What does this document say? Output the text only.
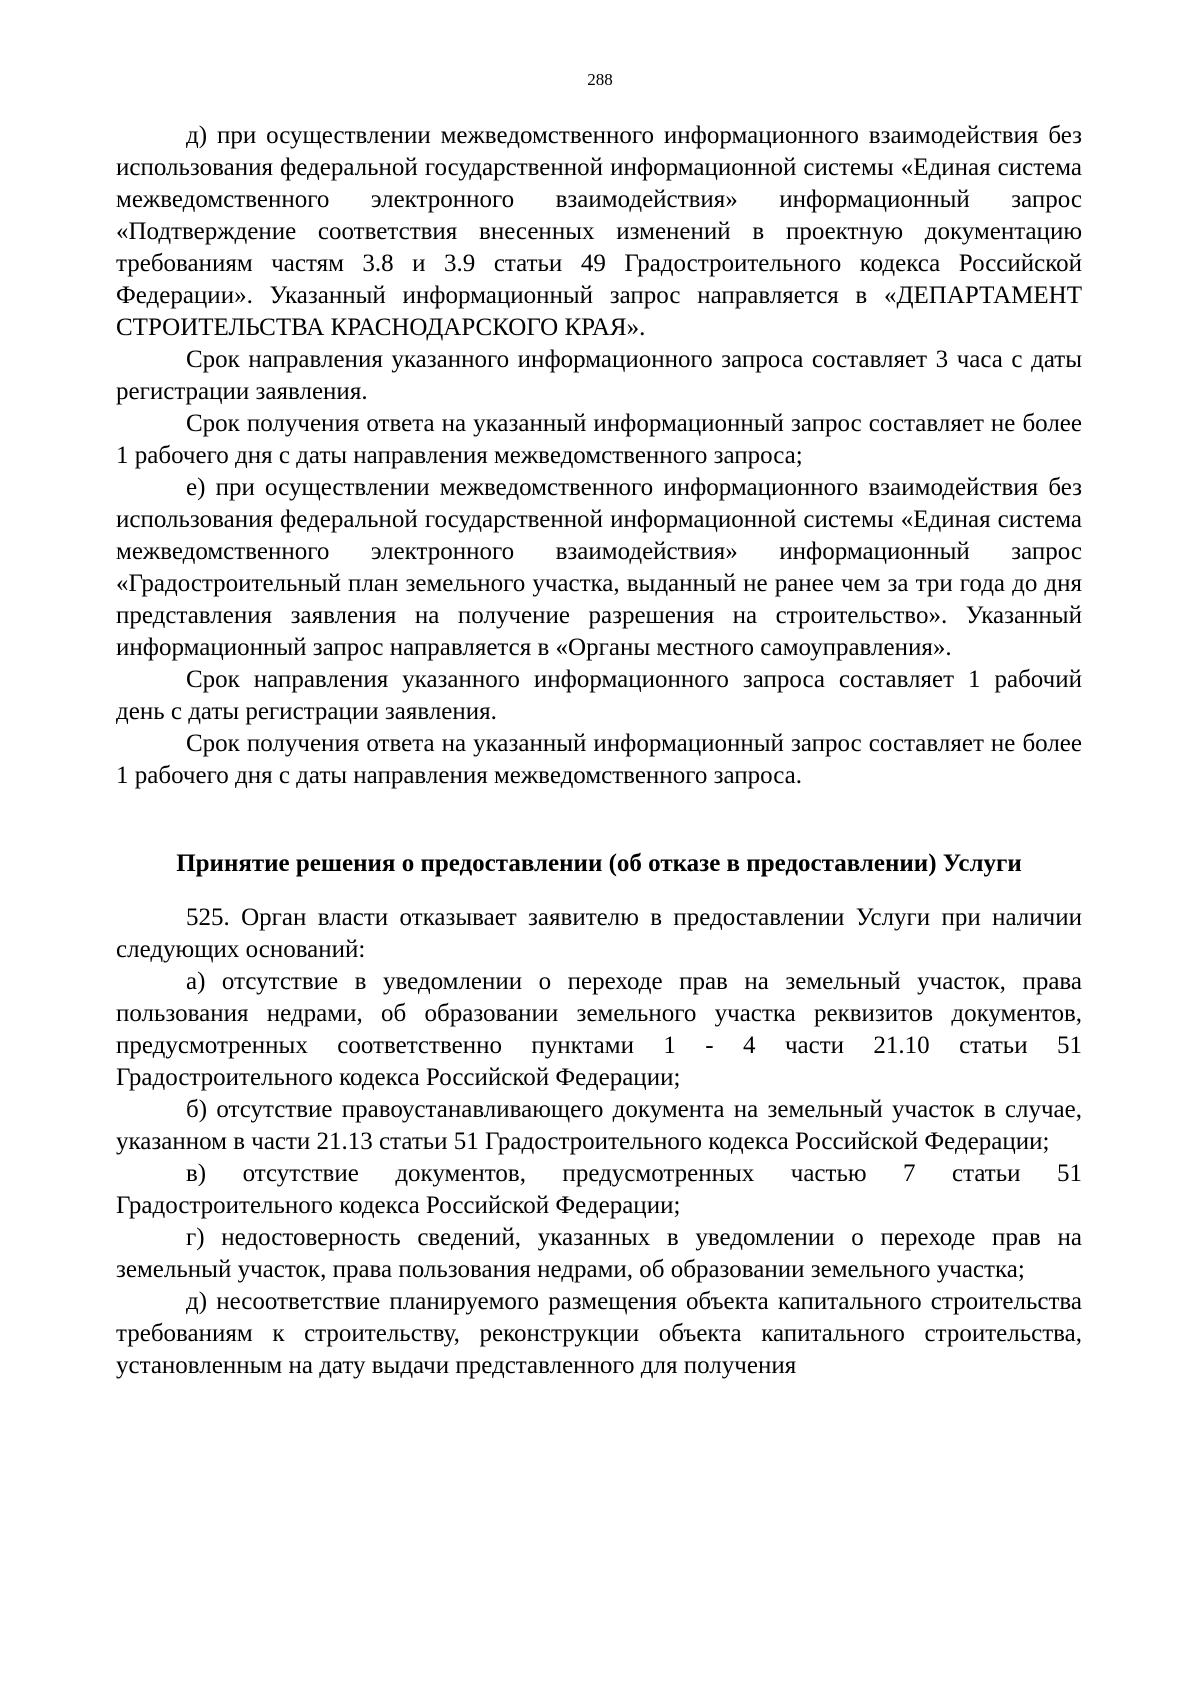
288

д) при осуществлении межведомственного информационного взаимодействия без использования федеральной государственной информационной системы «Единая система межведомственного электронного взаимодействия» информационный запрос «Подтверждение соответствия внесенных изменений в проектную документацию требованиям частям 3.8 и 3.9 статьи 49 Градостроительного кодекса Российской Федерации». Указанный информационный запрос направляется в «ДЕПАРТАМЕНТ СТРОИТЕЛЬСТВА КРАСНОДАРСКОГО КРАЯ».

Срок направления указанного информационного запроса составляет 3 часа с даты регистрации заявления.

Срок получения ответа на указанный информационный запрос составляет не более 1 рабочего дня с даты направления межведомственного запроса;

е) при осуществлении межведомственного информационного взаимодействия без использования федеральной государственной информационной системы «Единая система межведомственного электронного взаимодействия» информационный запрос «Градостроительный план земельного участка, выданный не ранее чем за три года до дня представления заявления на получение разрешения на строительство». Указанный информационный запрос направляется в «Органы местного самоуправления».

Срок направления указанного информационного запроса составляет 1 рабочий день с даты регистрации заявления.

Срок получения ответа на указанный информационный запрос составляет не более 1 рабочего дня с даты направления межведомственного запроса.

Принятие решения о предоставлении (об отказе в предоставлении) Услуги

525. Орган власти отказывает заявителю в предоставлении Услуги при наличии следующих оснований:

а) отсутствие в уведомлении о переходе прав на земельный участок, права пользования недрами, об образовании земельного участка реквизитов документов, предусмотренных соответственно пунктами 1 - 4 части 21.10 статьи 51 Градостроительного кодекса Российской Федерации;

б) отсутствие правоустанавливающего документа на земельный участок в случае, указанном в части 21.13 статьи 51 Градостроительного кодекса Российской Федерации;

в) отсутствие документов, предусмотренных частью 7 статьи 51 Градостроительного кодекса Российской Федерации;

г) недостоверность сведений, указанных в уведомлении о переходе прав на земельный участок, права пользования недрами, об образовании земельного участка;

д) несоответствие планируемого размещения объекта капитального строительства требованиям к строительству, реконструкции объекта капитального строительства, установленным на дату выдачи представленного для получения
